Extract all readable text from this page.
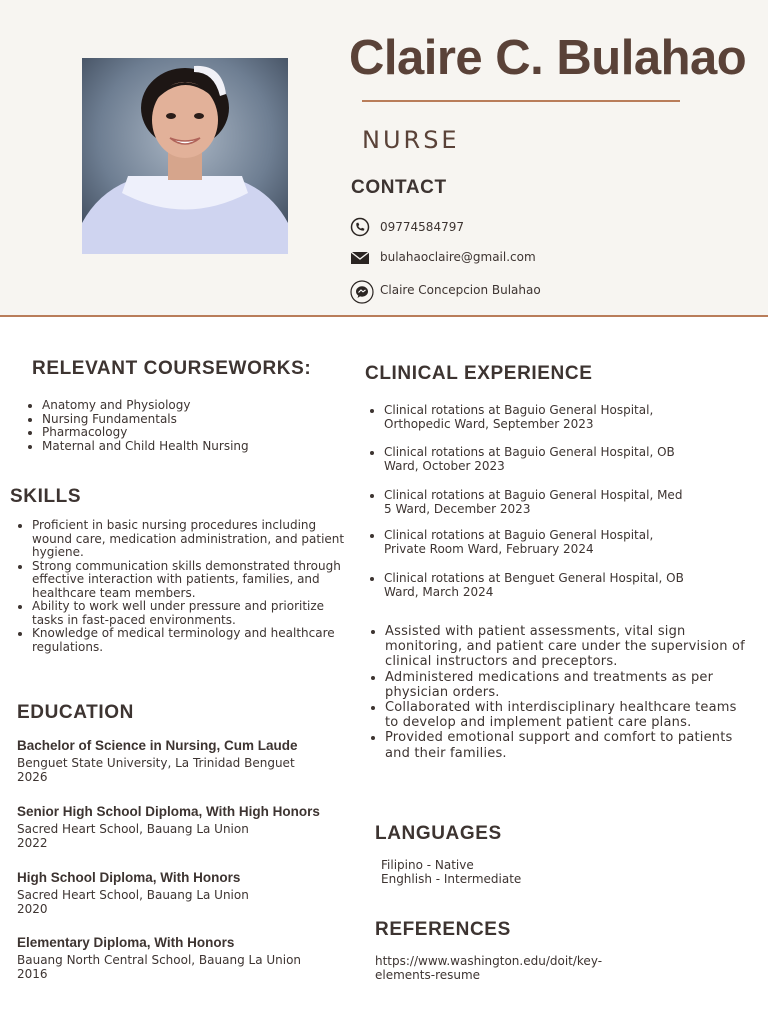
Claire C. Bulahao
NURSE
CONTACT
09774584797
bulahaoclaire@gmail.com
Claire Concepcion Bulahao
RELEVANT COURSEWORKS:
• Anatomy and Physiology
• Nursing Fundamentals
• Pharmacology
• Maternal and Child Health Nursing
SKILLS
• Proficient in basic nursing procedures including wound care, medication administration, and patient hygiene.
• Strong communication skills demonstrated through effective interaction with patients, families, and healthcare team members.
• Ability to work well under pressure and prioritize tasks in fast-paced environments.
• Knowledge of medical terminology and healthcare regulations.
EDUCATION
Bachelor of Science in Nursing, Cum Laude
Benguet State University, La Trinidad Benguet
2026
Senior High School Diploma, With High Honors
Sacred Heart School, Bauang La Union
2022
High School Diploma, With Honors
Sacred Heart School, Bauang La Union
2020
Elementary Diploma, With Honors
Bauang North Central School, Bauang La Union
2016
CLINICAL EXPERIENCE
• Clinical rotations at Baguio General Hospital, Orthopedic Ward, September 2023
• Clinical rotations at Baguio General Hospital, OB Ward, October 2023
• Clinical rotations at Baguio General Hospital, Med 5 Ward, December 2023
• Clinical rotations at Baguio General Hospital, Private Room Ward, February 2024
• Clinical rotations at Benguet General Hospital, OB Ward, March 2024
• Assisted with patient assessments, vital sign monitoring, and patient care under the supervision of clinical instructors and preceptors.
• Administered medications and treatments as per physician orders.
• Collaborated with interdisciplinary healthcare teams to develop and implement patient care plans.
• Provided emotional support and comfort to patients and their families.
LANGUAGES
Filipino - Native
Enghlish - Intermediate
REFERENCES
https://www.washington.edu/doit/key-elements-resume
